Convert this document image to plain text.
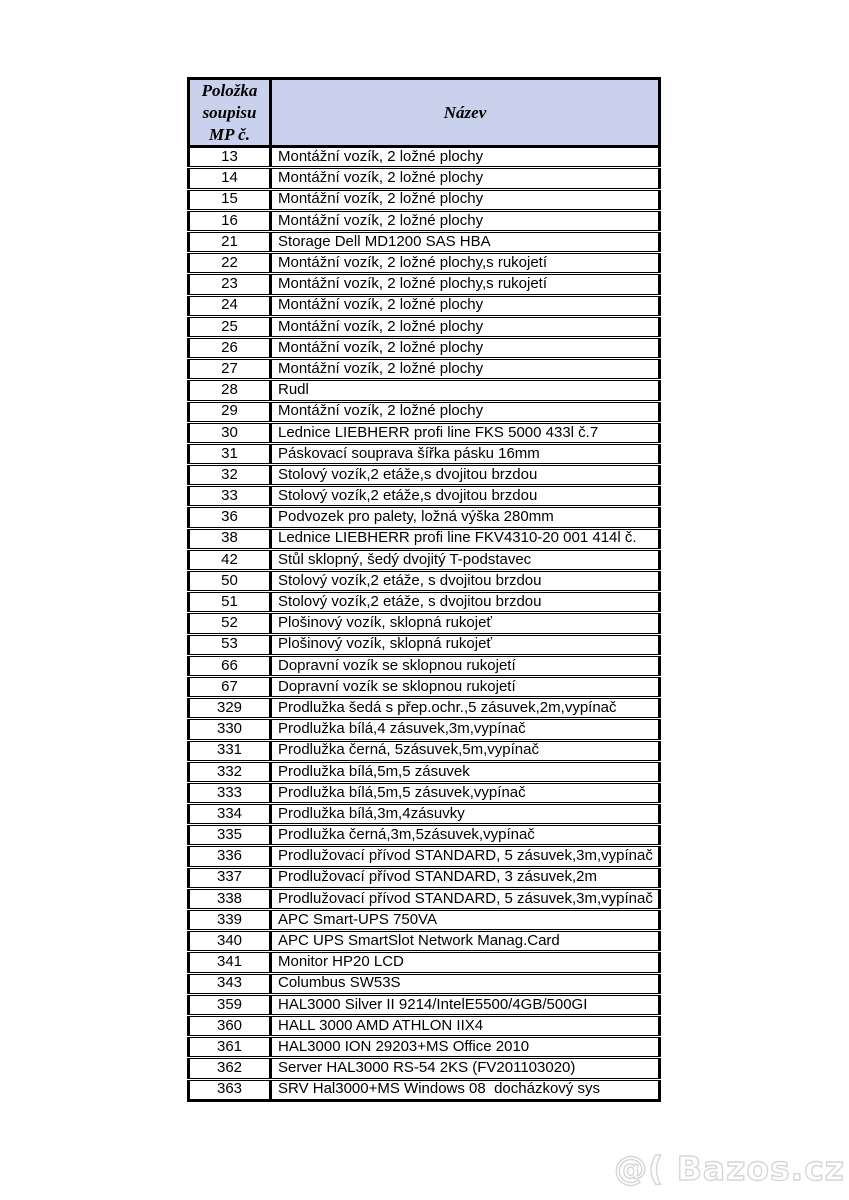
Položka soupisu MP č.	Název
13	Montážní vozík, 2 ložné plochy
14	Montážní vozík, 2 ložné plochy
15	Montážní vozík, 2 ložné plochy
16	Montážní vozík, 2 ložné plochy
21	Storage Dell MD1200 SAS HBA
22	Montážní vozík, 2 ložné plochy,s rukojetí
23	Montážní vozík, 2 ložné plochy,s rukojetí
24	Montážní vozík, 2 ložné plochy
25	Montážní vozík, 2 ložné plochy
26	Montážní vozík, 2 ložné plochy
27	Montážní vozík, 2 ložné plochy
28	Rudl
29	Montážní vozík, 2 ložné plochy
30	Lednice LIEBHERR profi line FKS 5000 433l č.7
31	Páskovací souprava šířka pásku 16mm
32	Stolový vozík,2 etáže,s dvojitou brzdou
33	Stolový vozík,2 etáže,s dvojitou brzdou
36	Podvozek pro palety, ložná výška 280mm
38	Lednice LIEBHERR profi line FKV4310-20 001 414l č.
42	Stůl sklopný, šedý dvojitý T-podstavec
50	Stolový vozík,2 etáže, s dvojitou brzdou
51	Stolový vozík,2 etáže, s dvojitou brzdou
52	Plošinový vozík, sklopná rukojeť
53	Plošinový vozík, sklopná rukojeť
66	Dopravní vozík se sklopnou rukojetí
67	Dopravní vozík se sklopnou rukojetí
329	Prodlužka šedá s přep.ochr.,5 zásuvek,2m,vypínač
330	Prodlužka bílá,4 zásuvek,3m,vypínač
331	Prodlužka černá, 5zásuvek,5m,vypínač
332	Prodlužka bílá,5m,5 zásuvek
333	Prodlužka bílá,5m,5 zásuvek,vypínač
334	Prodlužka bílá,3m,4zásuvky
335	Prodlužka černá,3m,5zásuvek,vypínač
336	Prodlužovací přívod STANDARD, 5 zásuvek,3m,vypínač
337	Prodlužovací přívod STANDARD, 3 zásuvek,2m
338	Prodlužovací přívod STANDARD, 5 zásuvek,3m,vypínač
339	APC Smart-UPS 750VA
340	APC UPS SmartSlot Network Manag.Card
341	Monitor HP20 LCD
343	Columbus SW53S
359	HAL3000 Silver II 9214/IntelE5500/4GB/500GI
360	HALL 3000 AMD ATHLON IIX4
361	HAL3000 ION 29203+MS Office 2010
362	Server HAL3000 RS-54 2KS (FV201103020)
363	SRV Hal3000+MS Windows 08  docházkový sys
@( Bazos.cz
